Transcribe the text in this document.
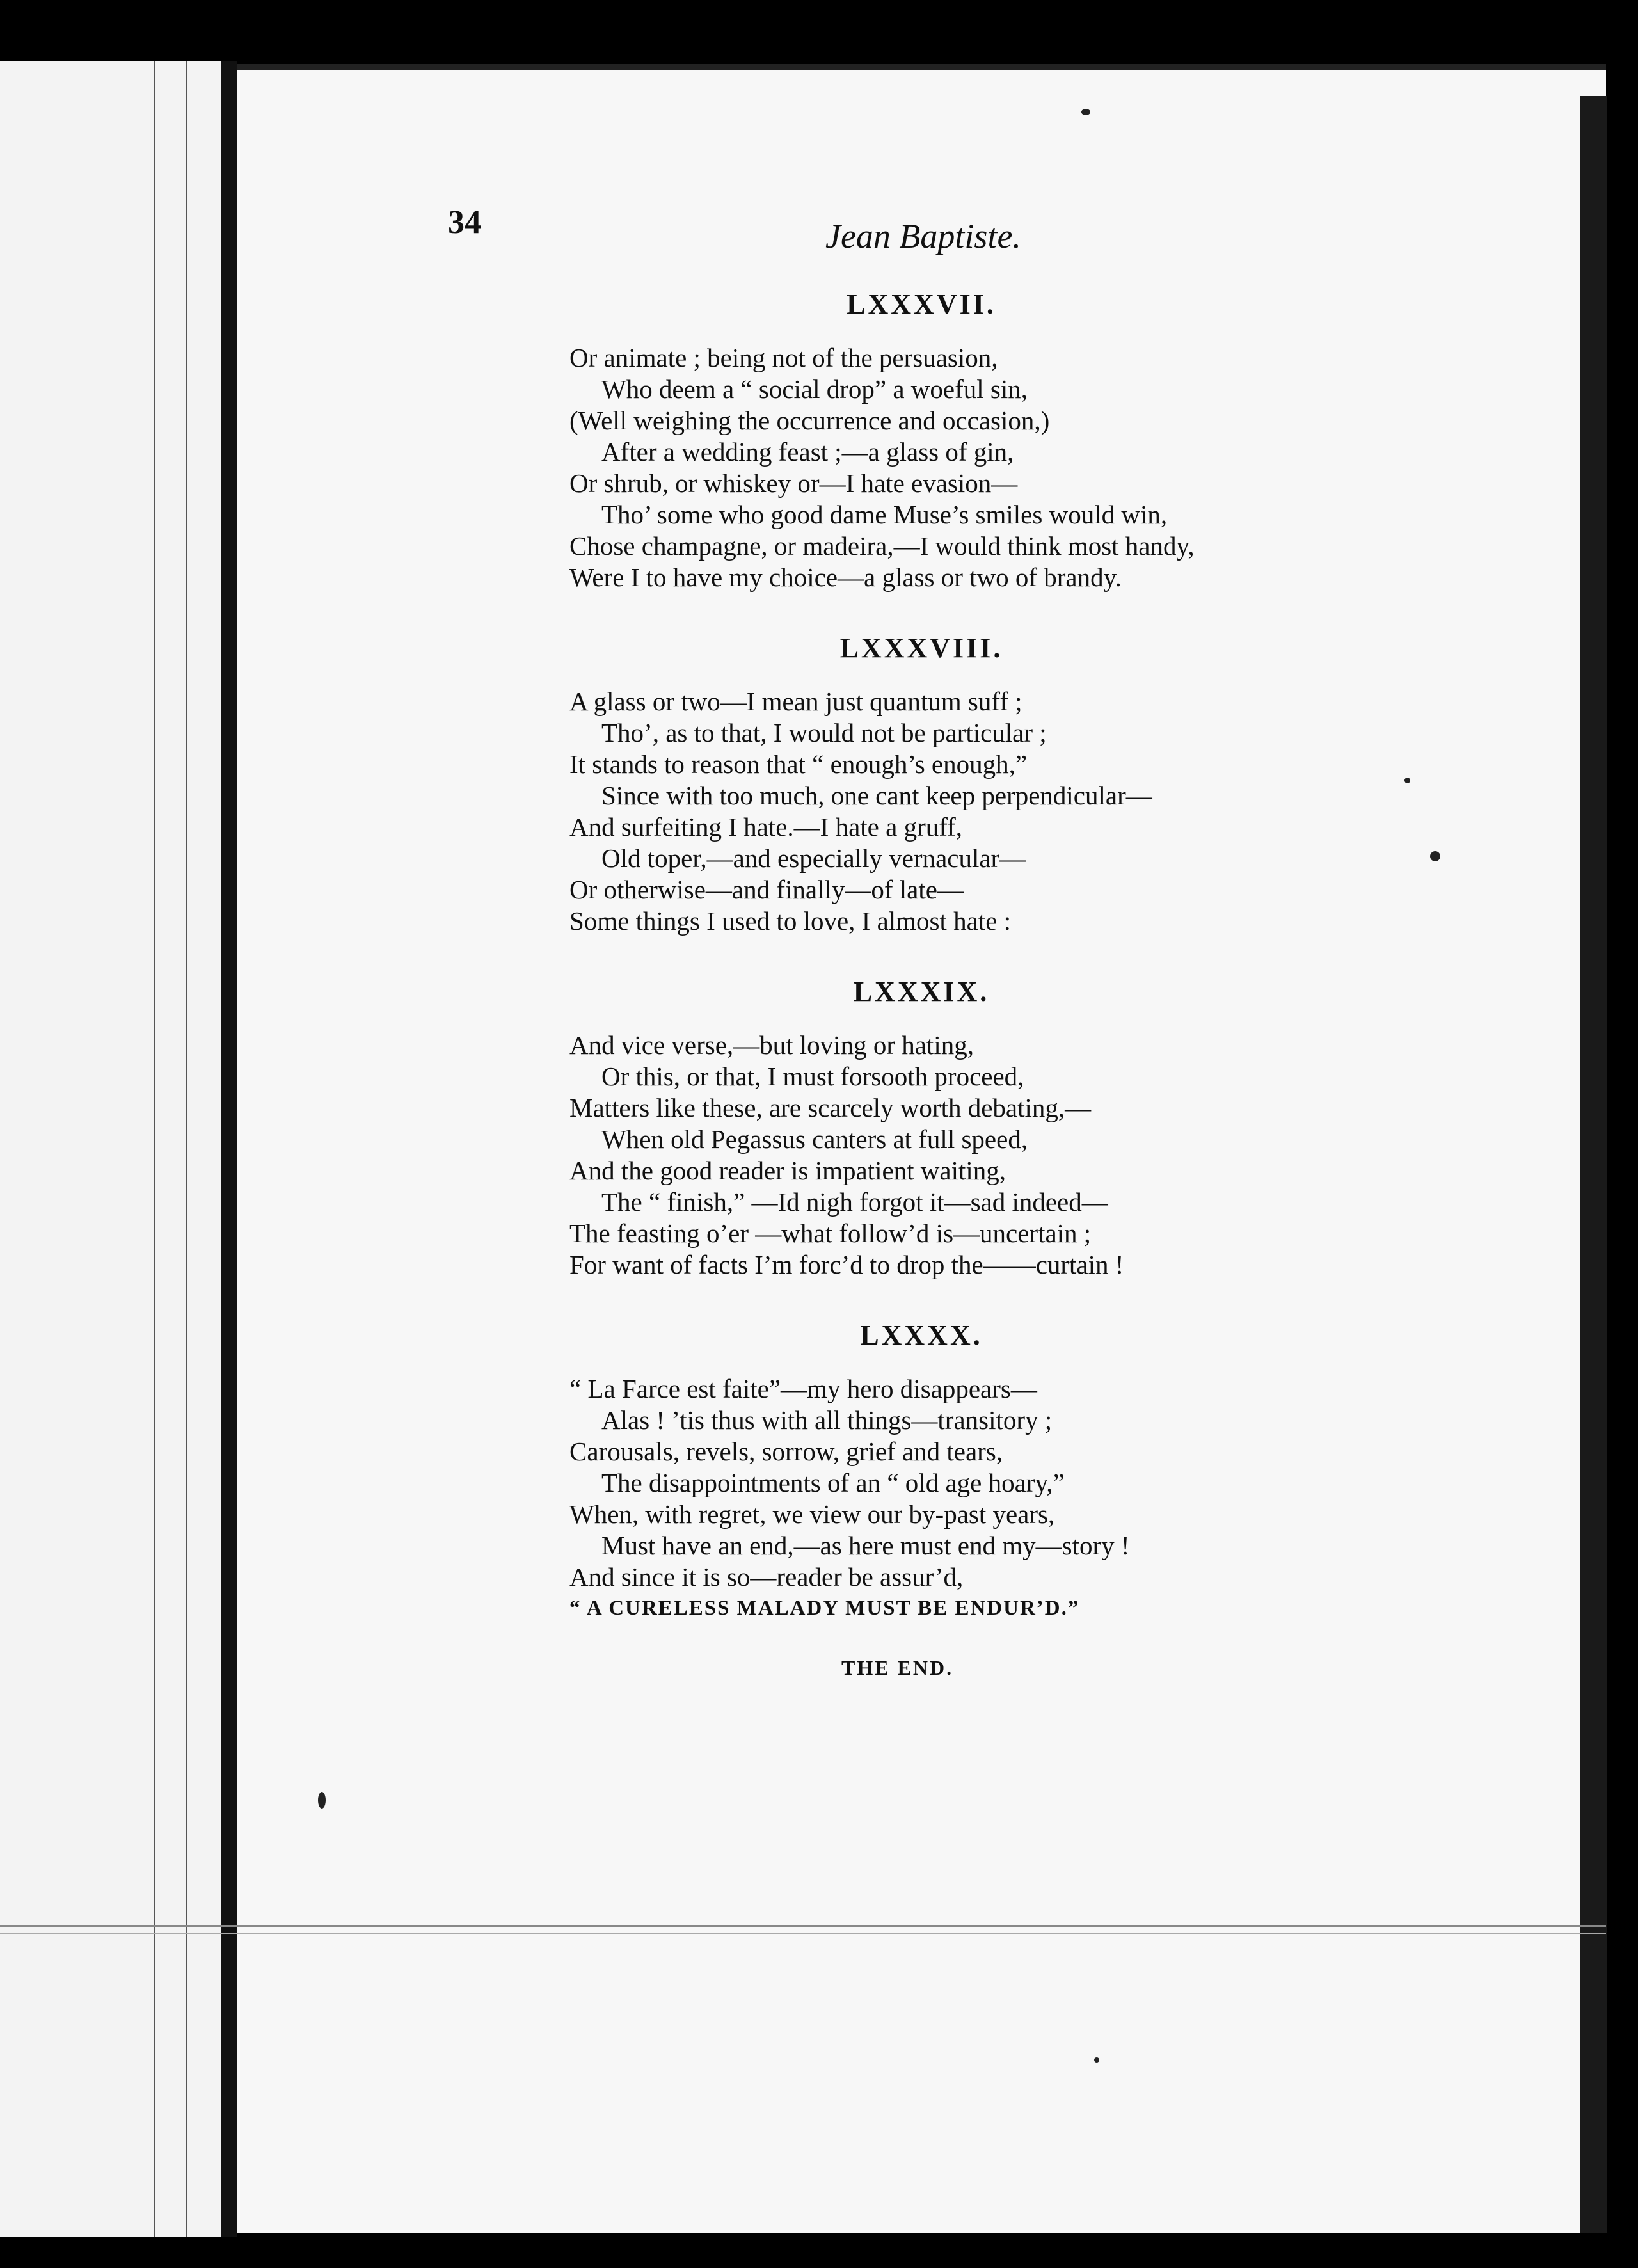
34	Jean Baptiste.
LXXXVII.
Or animate ; being not of the persuasion,
Who deem a “ social drop” a woeful sin,
(Well weighing the occurrence and occasion,)
After a wedding feast ;—a glass of gin,
Or shrub, or whiskey or—I hate evasion—
Tho’ some who good dame Muse’s smiles would win,
Chose champagne, or madeira,—I would think most handy,
Were I to have my choice—a glass or two of brandy.
LXXXVIII.
A glass or two—I mean just quantum suff ;
Tho’, as to that, I would not be particular ;
It stands to reason that “ enough’s enough,”
Since with too much, one cant keep perpendicular—
And surfeiting I hate.—I hate a gruff,
Old toper,—and especially vernacular—
Or otherwise—and finally—of late—
Some things I used to love, I almost hate :
LXXXIX.
And vice verse,—but loving or hating,
Or this, or that, I must forsooth proceed,
Matters like these, are scarcely worth debating,—
When old Pegassus canters at full speed,
And the good reader is impatient waiting,
The “ finish,” —Id nigh forgot it—sad indeed—
The feasting o’er —what follow’d is—uncertain ;
For want of facts I’m forc’d to drop the——curtain !
LXXXX.
“ La Farce est faite”—my hero disappears—
Alas ! ’tis thus with all things—transitory ;
Carousals, revels, sorrow, grief and tears,
The disappointments of an “ old age hoary,”
When, with regret, we view our by-past years,
Must have an end,—as here must end my—story !
And since it is so—reader be assur’d,
“ A CURELESS MALADY MUST BE ENDUR’D.”
THE END.
